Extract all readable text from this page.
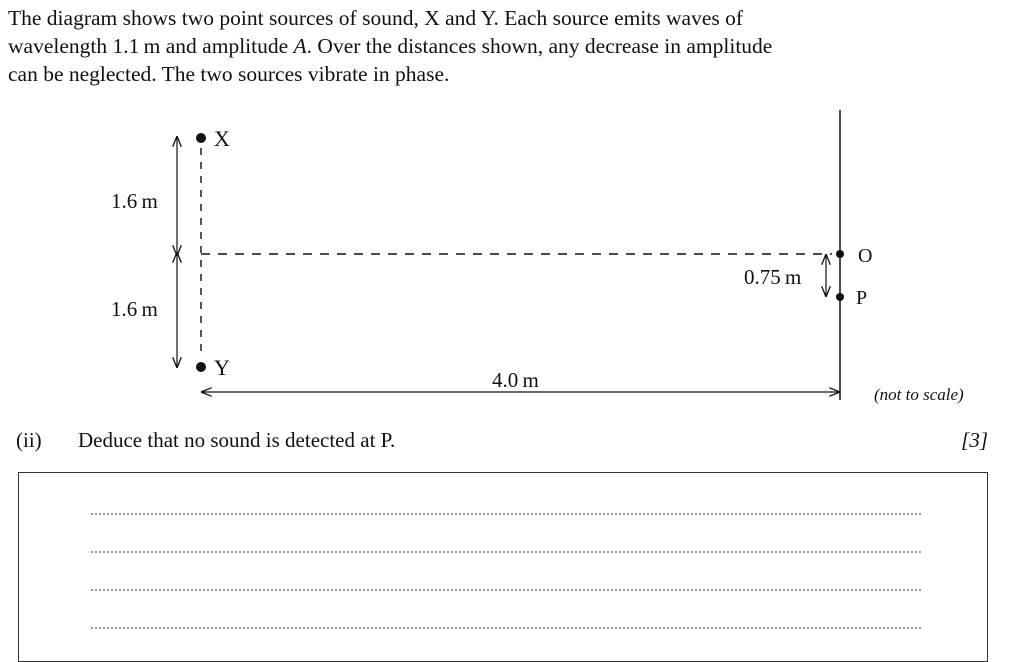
The diagram shows two point sources of sound, X and Y. Each source emits waves of
wavelength 1.1 m and amplitude A. Over the distances shown, any decrease in amplitude
can be neglected. The two sources vibrate in phase.
X
Y
O
P
1.6 m
1.6 m
0.75 m
4.0 m
(not to scale)
(ii) Deduce that no sound is detected at P.	[3]
